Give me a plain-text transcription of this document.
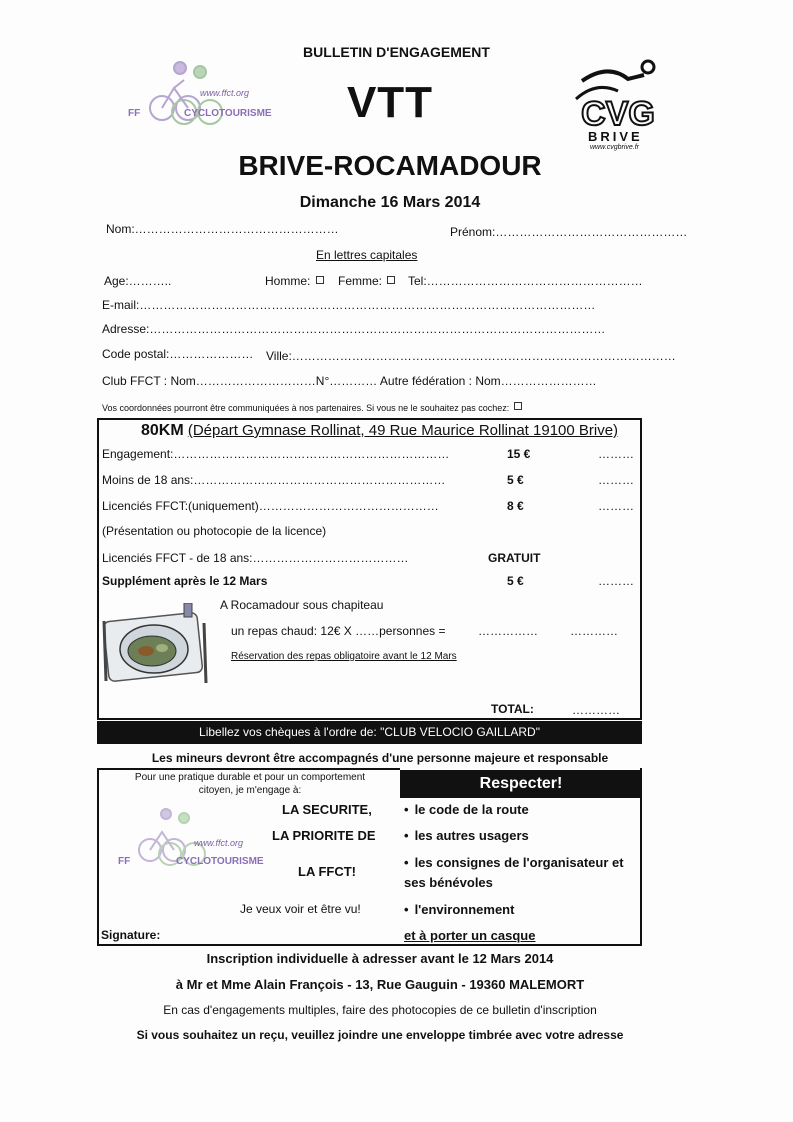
BULLETIN D'ENGAGEMENT
VTT
BRIVE-ROCAMADOUR
Dimanche 16 Mars 2014
www.ffct.org
FF	CYCLOTOURISME	CVG
BRIVE
www.cvgbrive.fr
Nom:……………………………………………	Prénom:…………………………………………
En lettres capitales
Age:………..	Homme:	Femme:	Tel:………………………………………………
E-mail:……………………………………………………………………………………………………
Adresse:……………………………………………………………………………………………………
Code postal:………………… Ville:……………………………………………………………………………………
Club FFCT : Nom…………………………N°………… Autre fédération : Nom……………………
Vos coordonnées pourront être communiquées à nos partenaires. Si vous ne le souhaitez pas cochez:
80KM (Départ Gymnase Rollinat, 49 Rue Maurice Rollinat 19100 Brive)
Engagement:……………………………………………………………	15 €	………
Moins de 18 ans:………………………………………………………	5 €	………
Licenciés FFCT:(uniquement)………………………………………	8 €	………
(Présentation ou photocopie de la licence)
Licenciés FFCT - de 18 ans:…………………………………	GRATUIT
Supplément après le 12 Mars	5 €	………
A Rocamadour sous chapiteau
un repas chaud: 12€ X ……personnes =	……………	…………
Réservation des repas obligatoire avant le 12 Mars
TOTAL:	…………
Libellez vos chèques à l'ordre de: "CLUB VELOCIO GAILLARD"
Les mineurs devront être accompagnés d'une personne majeure et responsable
Pour une pratique durable et pour un comportement
citoyen, je m'engage à:
www.ffct.org
FF	CYCLOTOURISME
LA SECURITE,
LA PRIORITE DE
LA FFCT!
Je veux voir et être vu!
Signature:
Respecter!
• le code de la route
• les autres usagers
• les consignes de l'organisateur et
ses bénévoles
• l'environnement
et à porter un casque
Inscription individuelle à adresser avant le 12 Mars 2014
à Mr et Mme Alain François - 13, Rue Gauguin - 19360 MALEMORT
En cas d'engagements multiples, faire des photocopies de ce bulletin d'inscription
Si vous souhaitez un reçu, veuillez joindre une enveloppe timbrée avec votre adresse
